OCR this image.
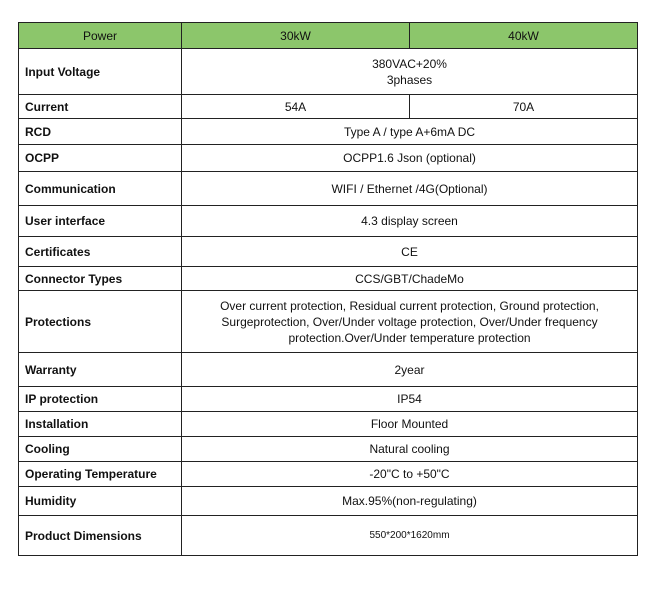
Power	30kW	40kW
Input Voltage	380VAC+20%
3phases	

Current	54A	70A
RCD	Type A / type A+6mA DC	
OCPP	OCPP1.6 Json (optional)	
Communication	WIFI / Ethernet /4G(Optional)	
User interface	4.3 display screen	
Certificates	CE	
Connector Types	CCS/GBT/ChadeMo	
Protections	Over current protection, Residual current protection, Ground protection,
Surgeprotection, Over/Under voltage protection, Over/Under frequency
protection.Over/Under temperature protection	

Warranty	2year	
IP protection	IP54	
Installation	Floor Mounted	
Cooling	Natural cooling	
Operating Temperature	-20"C to +50"C	
Humidity	Max.95%(non-regulating)	
Product Dimensions	550*200*1620mm	
